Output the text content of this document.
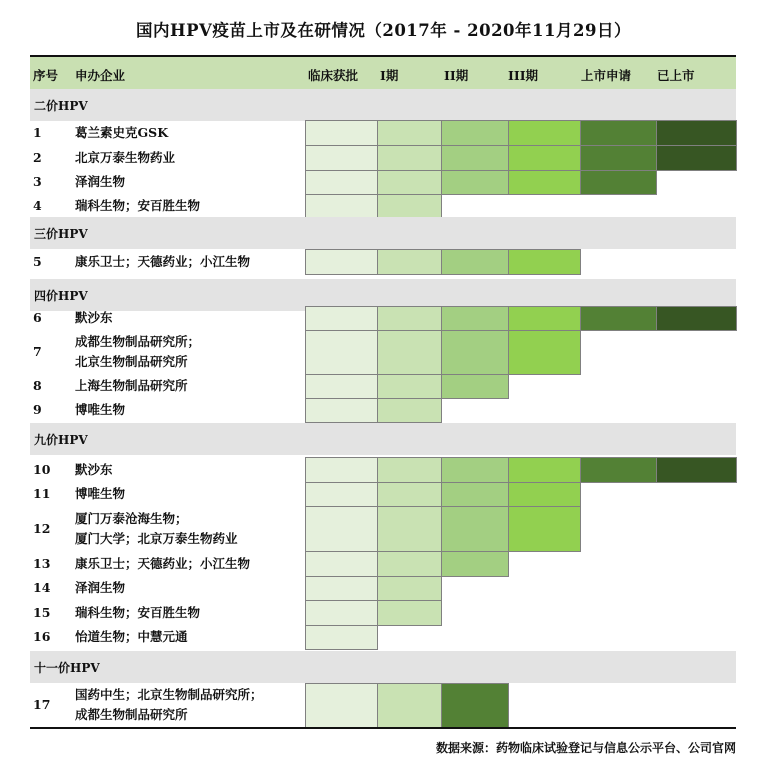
国内HPV疫苗上市及在研情况（2017年 - 2020年11月29日）
序号 申办企业	临床获批 I期	II期	III期	上市申请 已上市
二价HPV
1	葛兰素史克GSK
2	北京万泰生物药业
3	泽润生物
4	瑞科生物；安百胜生物
三价HPV
5	康乐卫士；天德药业；小江生物
四价HPV
6	默沙东
7
成都生物制品研究所；
北京生物制品研究所
8	上海生物制品研究所
9	博唯生物
九价HPV
10 默沙东
11 博唯生物
12
厦门万泰沧海生物；
厦门大学；北京万泰生物药业
13 康乐卫士；天德药业；小江生物
14 泽润生物
15 瑞科生物；安百胜生物
16 怡道生物；中慧元通
十一价HPV
17
国药中生；北京生物制品研究所；
成都生物制品研究所
数据来源：药物临床试验登记与信息公示平台、公司官网
